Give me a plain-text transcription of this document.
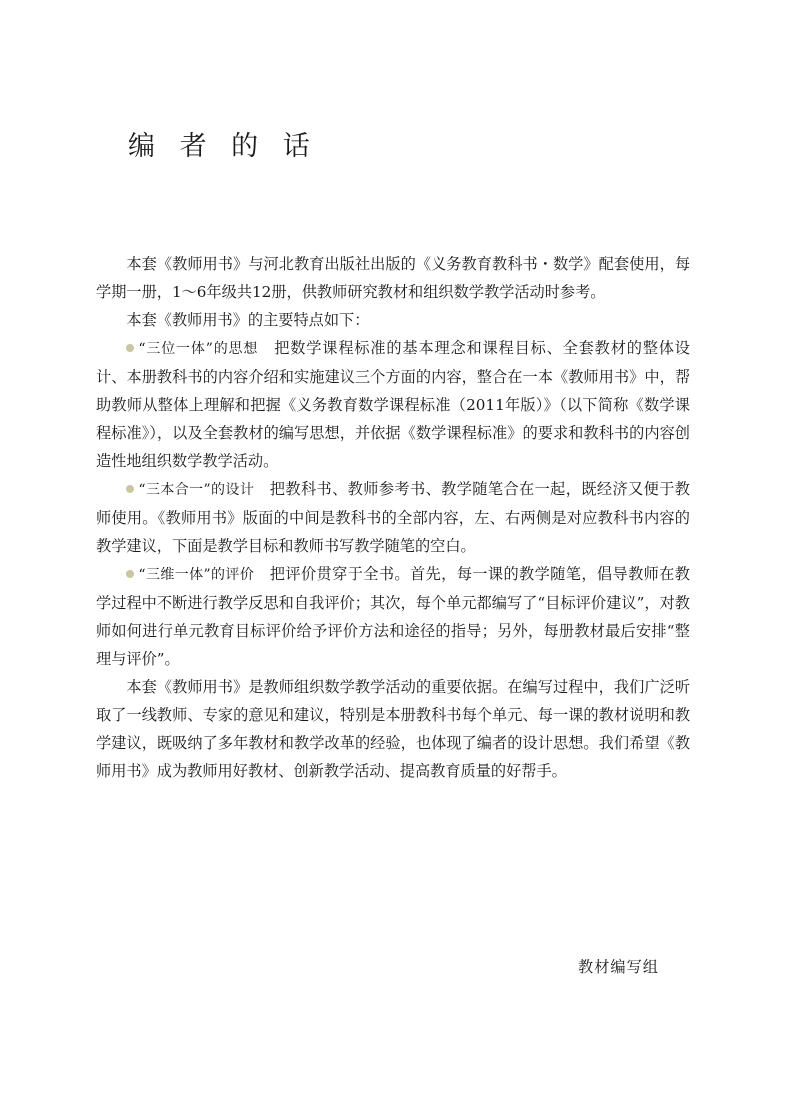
编 者 的 话

本套《教师用书》与河北教育出版社出版的《义务教育教科书・数学》配套使用，每学期一册，1～6年级共12册，供教师研究教材和组织数学教学活动时参考。

本套《教师用书》的主要特点如下：

“三位一体”的思想　把数学课程标准的基本理念和课程目标、全套教材的整体设计、本册教科书的内容介绍和实施建议三个方面的内容，整合在一本《教师用书》中，帮助教师从整体上理解和把握《义务教育数学课程标准（2011年版）》（以下简称《数学课程标准》），以及全套教材的编写思想，并依据《数学课程标准》的要求和教科书的内容创造性地组织数学教学活动。

“三本合一”的设计　把教科书、教师参考书、教学随笔合在一起，既经济又便于教师使用。《教师用书》版面的中间是教科书的全部内容，左、右两侧是对应教科书内容的教学建议，下面是教学目标和教师书写教学随笔的空白。

“三维一体”的评价　把评价贯穿于全书。首先，每一课的教学随笔，倡导教师在教学过程中不断进行教学反思和自我评价；其次，每个单元都编写了“目标评价建议”，对教师如何进行单元教育目标评价给予评价方法和途径的指导；另外，每册教材最后安排“整理与评价”。

本套《教师用书》是教师组织数学教学活动的重要依据。在编写过程中，我们广泛听取了一线教师、专家的意见和建议，特别是本册教科书每个单元、每一课的教材说明和教学建议，既吸纳了多年教材和教学改革的经验，也体现了编者的设计思想。我们希望《教师用书》成为教师用好教材、创新教学活动、提高教育质量的好帮手。

教材编写组
